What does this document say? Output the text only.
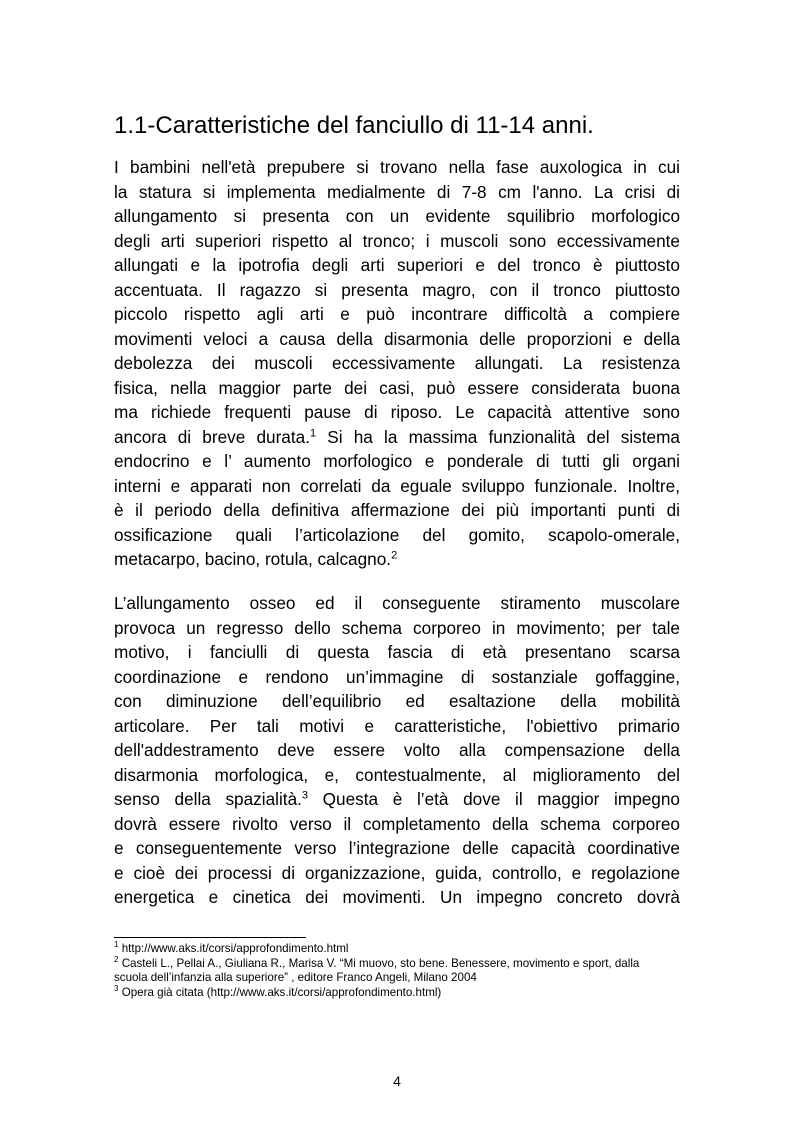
1.1-Caratteristiche del fanciullo di 11-14 anni.
I bambini nell'età prepubere si trovano nella fase auxologica in cui
la statura si implementa medialmente di 7-8 cm l'anno. La crisi di
allungamento si presenta con un evidente squilibrio morfologico
degli arti superiori rispetto al tronco; i muscoli sono eccessivamente
allungati e la ipotrofia degli arti superiori e del tronco è piuttosto
accentuata. Il ragazzo si presenta magro, con il tronco piuttosto
piccolo rispetto agli arti e può incontrare difficoltà a compiere
movimenti veloci a causa della disarmonia delle proporzioni e della
debolezza dei muscoli eccessivamente allungati. La resistenza
fisica, nella maggior parte dei casi, può essere considerata buona
ma richiede frequenti pause di riposo. Le capacità attentive sono
ancora di breve durata.$^1$ Si ha la massima funzionalità del sistema
endocrino e l’ aumento morfologico e ponderale di tutti gli organi
interni e apparati non correlati da eguale sviluppo funzionale. Inoltre,
è il periodo della definitiva affermazione dei più importanti punti di
ossificazione quali l’articolazione del gomito, scapolo-omerale,
metacarpo, bacino, rotula, calcagno.$^2$
L’allungamento osseo ed il conseguente stiramento muscolare
provoca un regresso dello schema corporeo in movimento; per tale
motivo, i fanciulli di questa fascia di età presentano scarsa
coordinazione e rendono un’immagine di sostanziale goffaggine,
con diminuzione dell’equilibrio ed esaltazione della mobilità
articolare. Per tali motivi e caratteristiche, l'obiettivo primario
dell'addestramento deve essere volto alla compensazione della
disarmonia morfologica, e, contestualmente, al miglioramento del
senso della spazialità.$^3$ Questa è l’età dove il maggior impegno
dovrà essere rivolto verso il completamento della schema corporeo
e conseguentemente verso l’integrazione delle capacità coordinative
e cioè dei processi di organizzazione, guida, controllo, e regolazione
energetica e cinetica dei movimenti. Un impegno concreto dovrà
$^1$ http://www.aks.it/corsi/approfondimento.html
$^2$ Casteli L., Pellai A., Giuliana R., Marisa V. “Mi muovo, sto bene. Benessere, movimento e sport, dalla
scuola dell’infanzia alla superiore” , editore Franco Angeli, Milano 2004
$^3$ Opera già citata (http://www.aks.it/corsi/approfondimento.html)
4
